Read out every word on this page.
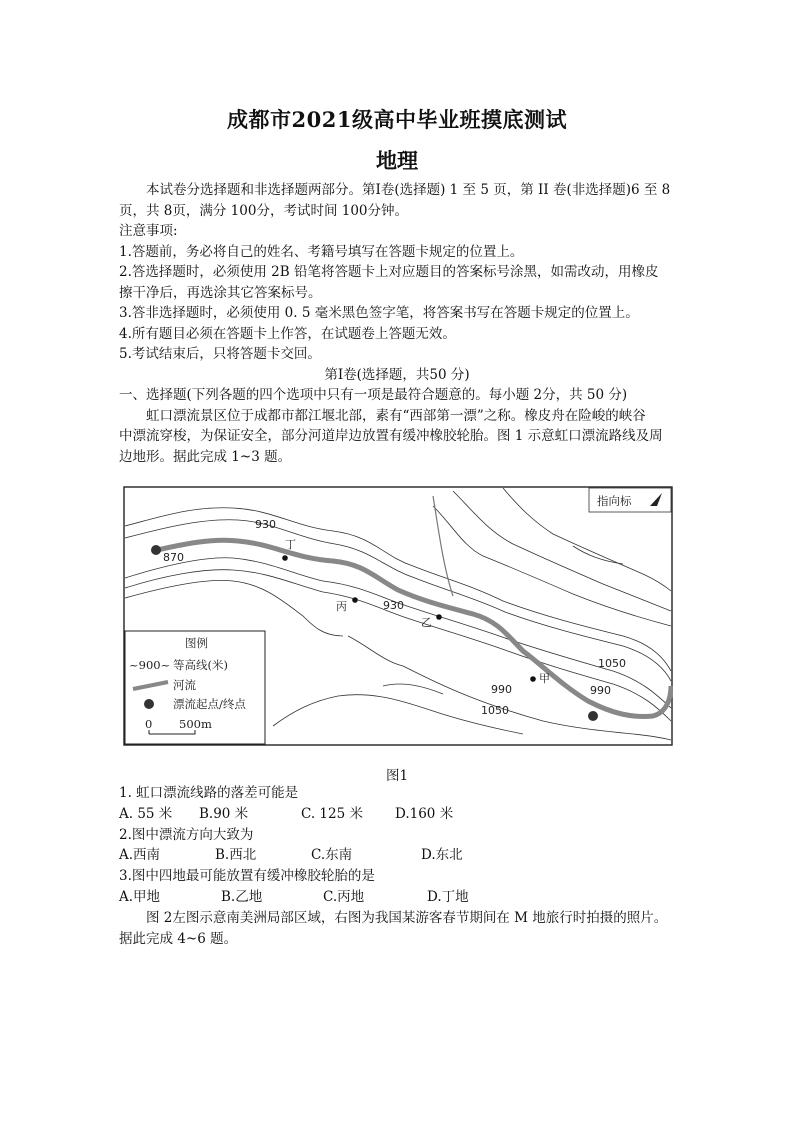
成都市2021级高中毕业班摸底测试
地理

本试卷分选择题和非选择题两部分。第Ⅰ卷(选择题) 1 至 5 页，第 II 卷(非选择题)6 至 8

页，共 8页，满分 100分，考试时间 100分钟。

注意事项:

1.答题前，务必将自己的姓名、考籍号填写在答题卡规定的位置上。

2.答选择题时，必须使用 2B 铅笔将答题卡上对应题目的答案标号涂黑，如需改动，用橡皮

擦干净后，再选涂其它答案标号。

3.答非选择题时，必须使用 0. 5 毫米黑色签字笔，将答案书写在答题卡规定的位置上。

4.所有题目必须在答题卡上作答，在试题卷上答题无效。

5.考试结束后，只将答题卡交回。

第Ⅰ卷(选择题，共50 分)

一、选择题(下列各题的四个选项中只有一项是最符合题意的。每小题 2分，共 50 分)

虹口漂流景区位于成都市都江堰北部，素有“西部第一漂”之称。橡皮舟在险峻的峡谷

中漂流穿梭，为保证安全，部分河道岸边放置有缓冲橡胶轮胎。图 1 示意虹口漂流路线及周

边地形。据此完成 1~3 题。

丁
丙
乙
甲
930
870
930
1050
990	990
1050
指向标
图例
~900~ 等高线(米)
河流
漂流起点/终点
0 500m
图1
1. 虹口漂流线路的落差可能是
A. 55 米	B.90 米	C. 125 米	D.160 米
2.图中漂流方向大致为
A.西南	B.西北	C.东南	D.东北
3.图中四地最可能放置有缓冲橡胶轮胎的是
A.甲地	B.乙地	C.丙地	D.丁地
图 2左图示意南美洲局部区域，右图为我国某游客春节期间在 M 地旅行时拍摄的照片。
据此完成 4~6 题。
